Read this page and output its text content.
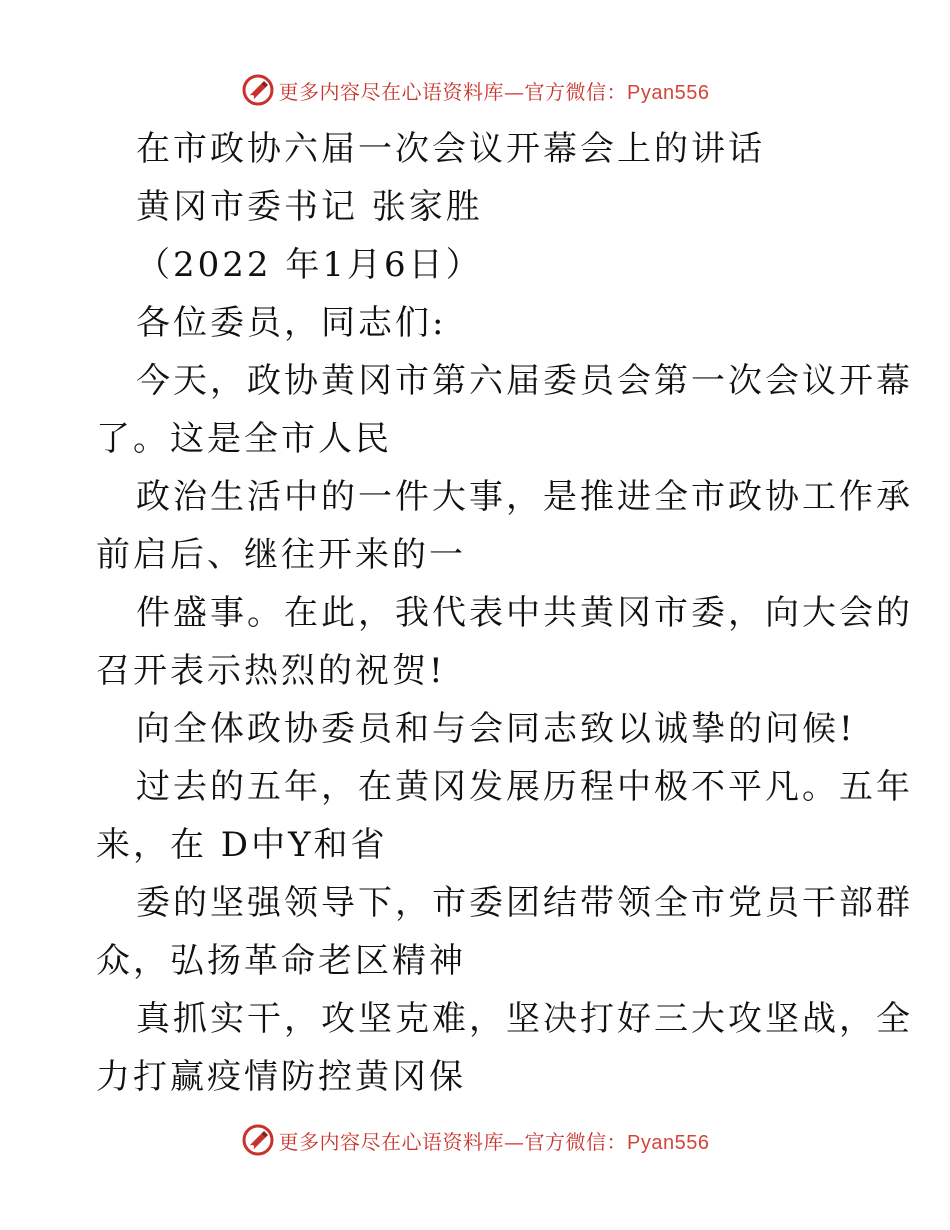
更多内容尽在心语资料库—官方微信：Pyan556
在市政协六届一次会议开幕会上的讲话
黄冈市委书记 张家胜
（2022 年1月6日）
各位委员，同志们:
今天，政协黄冈市第六届委员会第一次会议开幕
了。这是全市人民
政治生活中的一件大事，是推进全市政协工作承
前启后、继往开来的一
件盛事。在此，我代表中共黄冈市委，向大会的
召开表示热烈的祝贺!
向全体政协委员和与会同志致以诚挚的问候!
过去的五年，在黄冈发展历程中极不平凡。五年
来，在 D中Y和省
委的坚强领导下，市委团结带领全市党员干部群
众，弘扬革命老区精神
真抓实干，攻坚克难，坚决打好三大攻坚战，全
力打赢疫情防控黄冈保
更多内容尽在心语资料库—官方微信：Pyan556
